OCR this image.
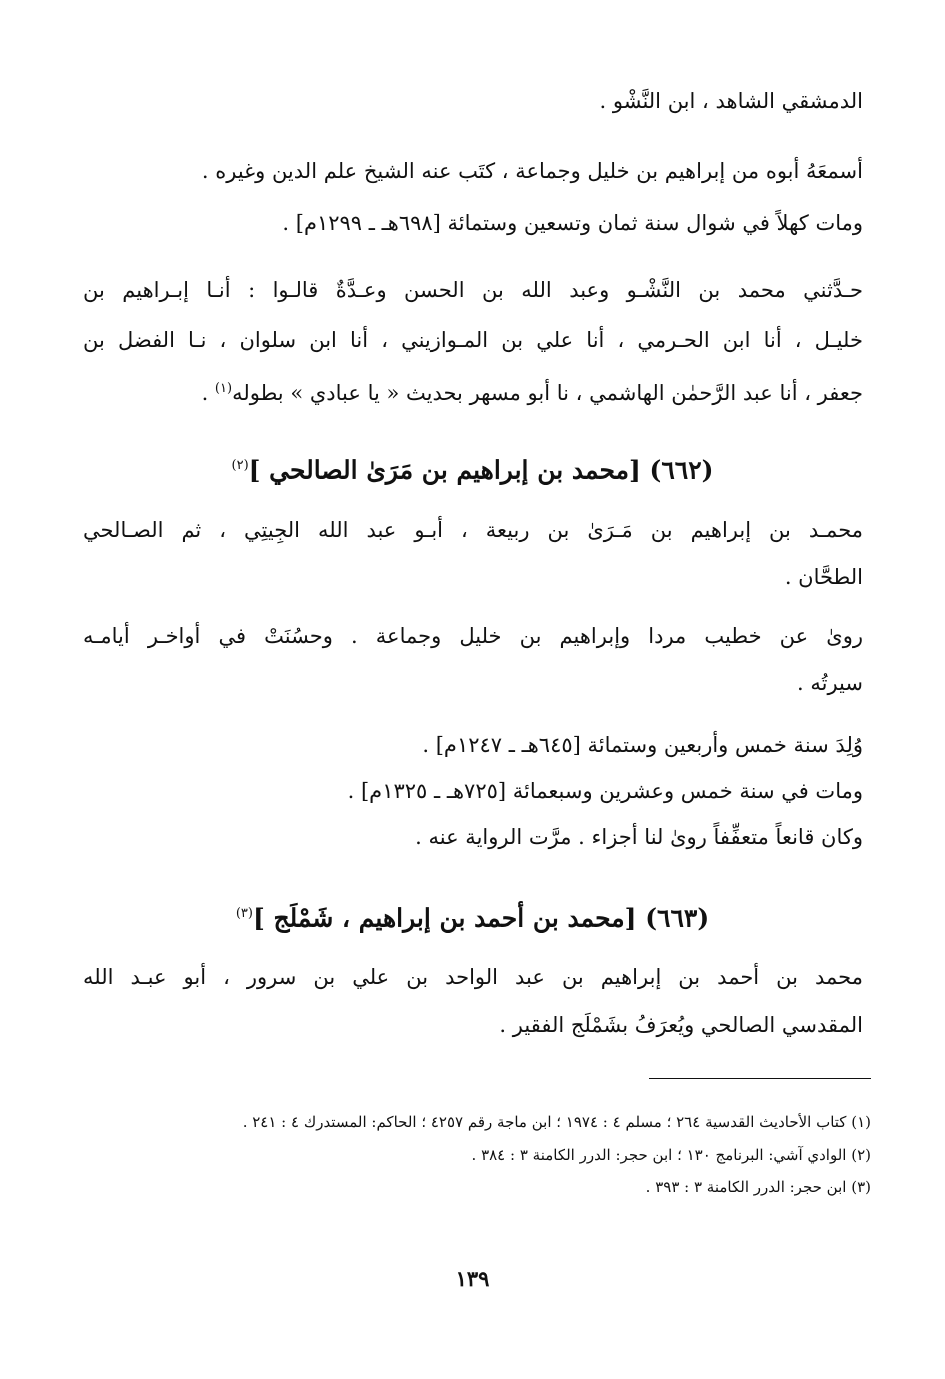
الدمشقي الشاهد ، ابن النَّشْو .
أسمعَهُ أبوه من إبراهيم بن خليل وجماعة ، كتَب عنه الشيخ علم الدين وغيره .
ومات كهلاً في شوال سنة ثمان وتسعين وستمائة [٦٩٨هـ ـ ١٢٩٩م] .
حـدَّثني محمد بن النَّشْـو وعبد الله بن الحسن وعـدَّةٌ قالـوا : أنـا إبـراهيم بن
خليـل ، أنا ابن الحـرمي ، أنا علي بن المـوازيني ، أنا ابن سلوان ، نـا الفضل بن
جعفر ، أنا عبد الرَّحمٰن الهاشمي ، نا أبو مسهر بحديث « يا عبادي » بطوله$^{(١)}$ .
(٦٦٢) [محمد بن إبراهيم بن مَرَىٰ الصالحي ]$^{(٢)}$
محمـد بن إبراهيم بن مَـرَىٰ بن ربيعة ، أبـو عبد الله الجِيتِي ، ثم الصـالحي
الطحَّان .
روىٰ عن خطيب مردا وإبراهيم بن خليل وجماعة . وحسُنَتْ في أواخـر أيامـه
سيرتُه .
وُلِدَ سنة خمس وأربعين وستمائة [٦٤٥هـ ـ ١٢٤٧م] .
ومات في سنة خمس وعشرين وسبعمائة [٧٢٥هـ ـ ١٣٢٥م] .
وكان قانعاً متعفِّفاً روىٰ لنا أجزاء . مرَّت الرواية عنه .
(٦٦٣) [محمد بن أحمد بن إبراهيم ، شَمْلَج ]$^{(٣)}$
محمد بن أحمد بن إبراهيم بن عبد الواحد بن علي بن سرور ، أبو عبـد الله
المقدسي الصالحي ويُعرَفُ بشَمْلَج الفقير .
(١) كتاب الأحاديث القدسية ٢٦٤ ؛ مسلم ٤ : ١٩٧٤ ؛ ابن ماجة رقم ٤٢٥٧ ؛ الحاكم: المستدرك ٤ : ٢٤١ .
(٢) الوادي آشي: البرنامج ١٣٠ ؛ ابن حجر: الدرر الكامنة ٣ : ٣٨٤ .
(٣) ابن حجر: الدرر الكامنة ٣ : ٣٩٣ .
١٣٩
